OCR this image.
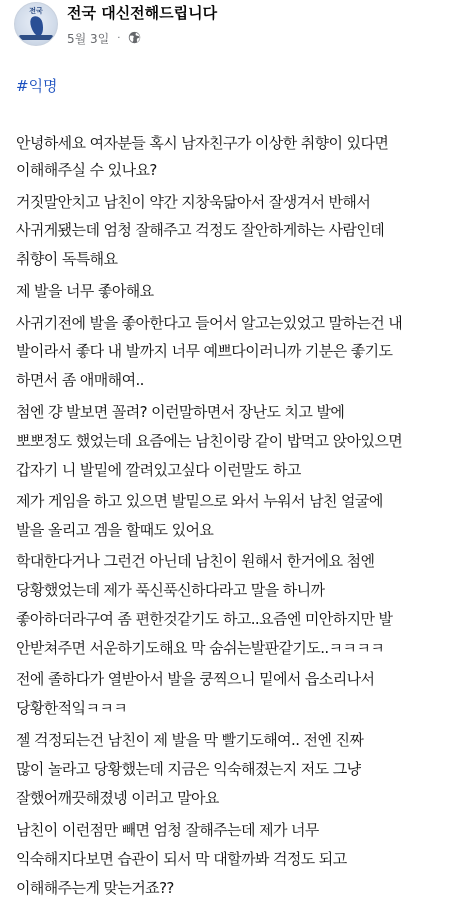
전국	전국 대신전해드립니다
5월 3일 ·
#익명
안녕하세요 여자분들 혹시 남자친구가 이상한 취향이 있다면
이해해주실 수 있나요?
거짓말안치고 남친이 약간 지창욱닮아서 잘생겨서 반해서
사귀게됐는데 엄청 잘해주고 걱정도 잘안하게하는 사람인데
취향이 독특해요
제 발을 너무 좋아해요
사귀기전에 발을 좋아한다고 들어서 알고는있었고 말하는건 내
발이라서 좋다 내 발까지 너무 예쁘다이러니까 기분은 좋기도
하면서 좀 애매해여..
첨엔 걍 발보면 꼴려? 이런말하면서 장난도 치고 발에
뽀뽀정도 했었는데 요즘에는 남친이랑 같이 밥먹고 앉아있으면
갑자기 니 발밑에 깔려있고싶다 이런말도 하고
제가 게임을 하고 있으면 발밑으로 와서 누워서 남친 얼굴에
발을 올리고 겜을 할때도 있어요
학대한다거나 그런건 아닌데 남친이 원해서 한거에요 첨엔
당황했었는데 제가 푹신푹신하다라고 말을 하니까
좋아하더라구여 좀 편한것같기도 하고..요즘엔 미안하지만 발
안받쳐주면 서운하기도해요 막 숨쉬는발판같기도..ㅋㅋㅋㅋ
전에 졸하다가 열받아서 발을 쿵찍으니 밑에서 읍소리나서
당황한적잌ㅋㅋㅋ
젤 걱정되는건 남친이 제 발을 막 빨기도해여.. 전엔 진짜
많이 놀라고 당황했는데 지금은 익숙해졌는지 저도 그냥
잘했어깨끗해졌넹 이러고 말아요
남친이 이런점만 빼면 엄청 잘해주는데 제가 너무
익숙해지다보면 습관이 되서 막 대할까봐 걱정도 되고
이해해주는게 맞는거죠??
